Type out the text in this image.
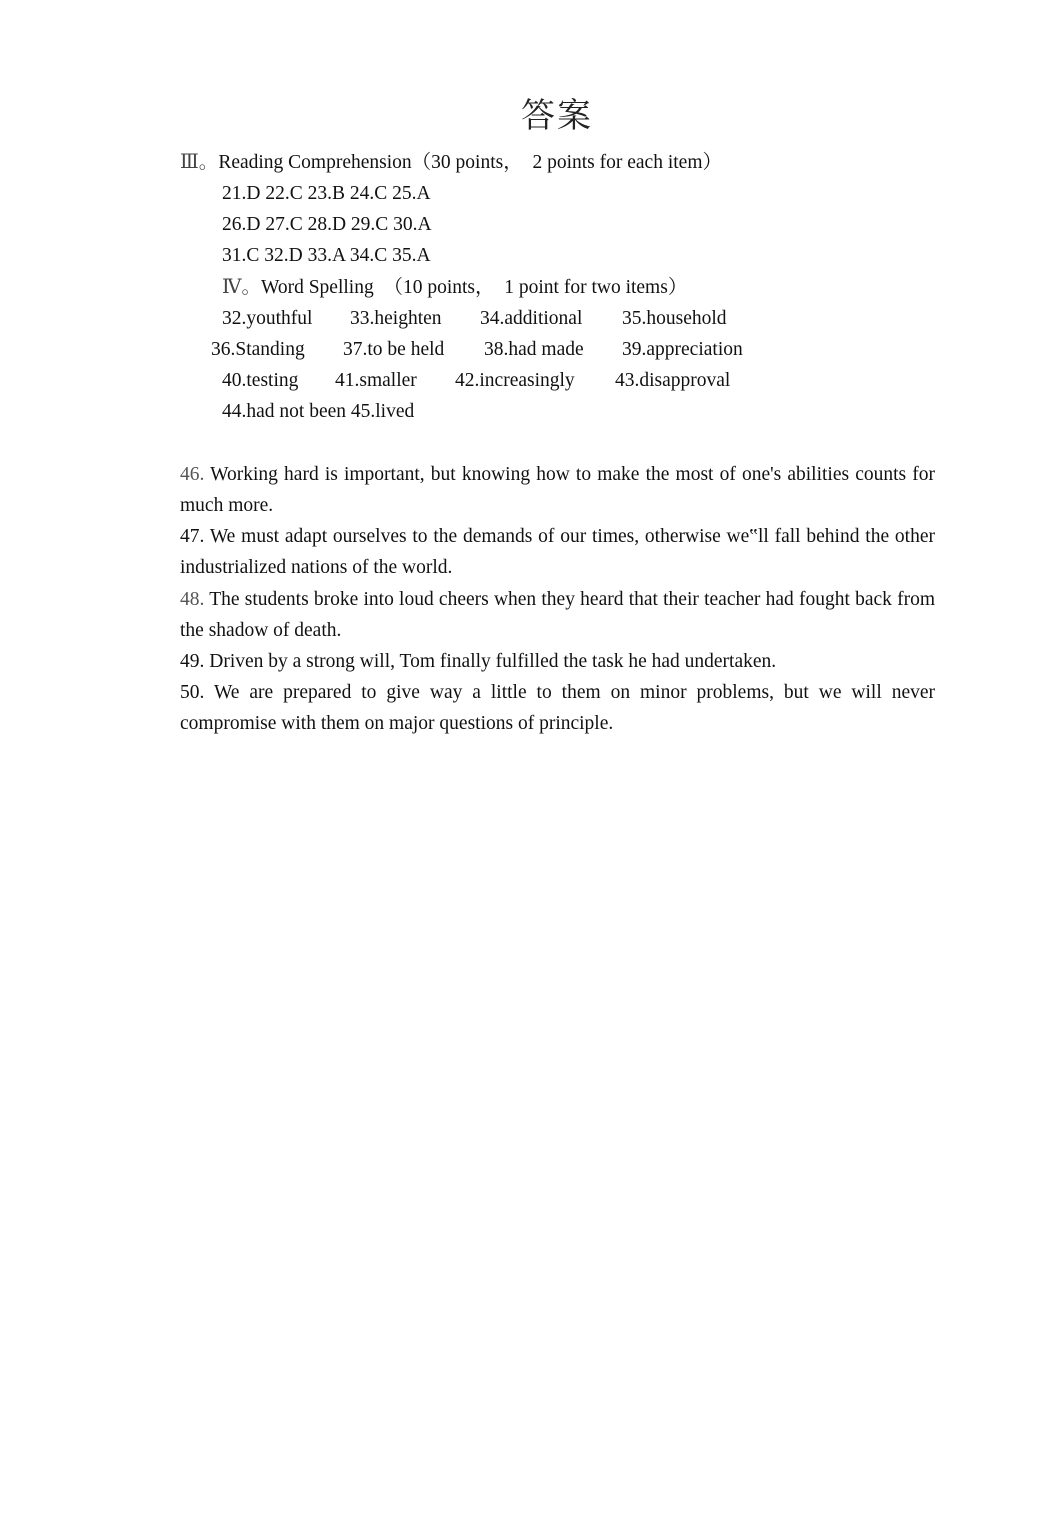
答案
Ⅲ。Reading Comprehension（30 points，  2 points for each item）
21.D 22.C 23.B 24.C 25.A
26.D 27.C 28.D 29.C 30.A
31.C 32.D 33.A 34.C 35.A
Ⅳ。Word Spelling  （10 points，  1 point for two items）
32.youthful 33.heighten 34.additional 35.household
36.Standing 37.to be held 38.had made 39.appreciation
40.testing 41.smaller 42.increasingly 43.disapproval
44.had not been 45.lived
46. Working hard is important, but knowing how to make the most of one's abilities counts for much more.
47. We must adapt ourselves to the demands of our times, otherwise we‟ll fall behind the other industrialized nations of the world.
48. The students broke into loud cheers when they heard that their teacher had fought back from the shadow of death.
49. Driven by a strong will, Tom finally fulfilled the task he had undertaken.
50. We are prepared to give way a little to them on minor problems, but we will never compromise with them on major questions of principle.
